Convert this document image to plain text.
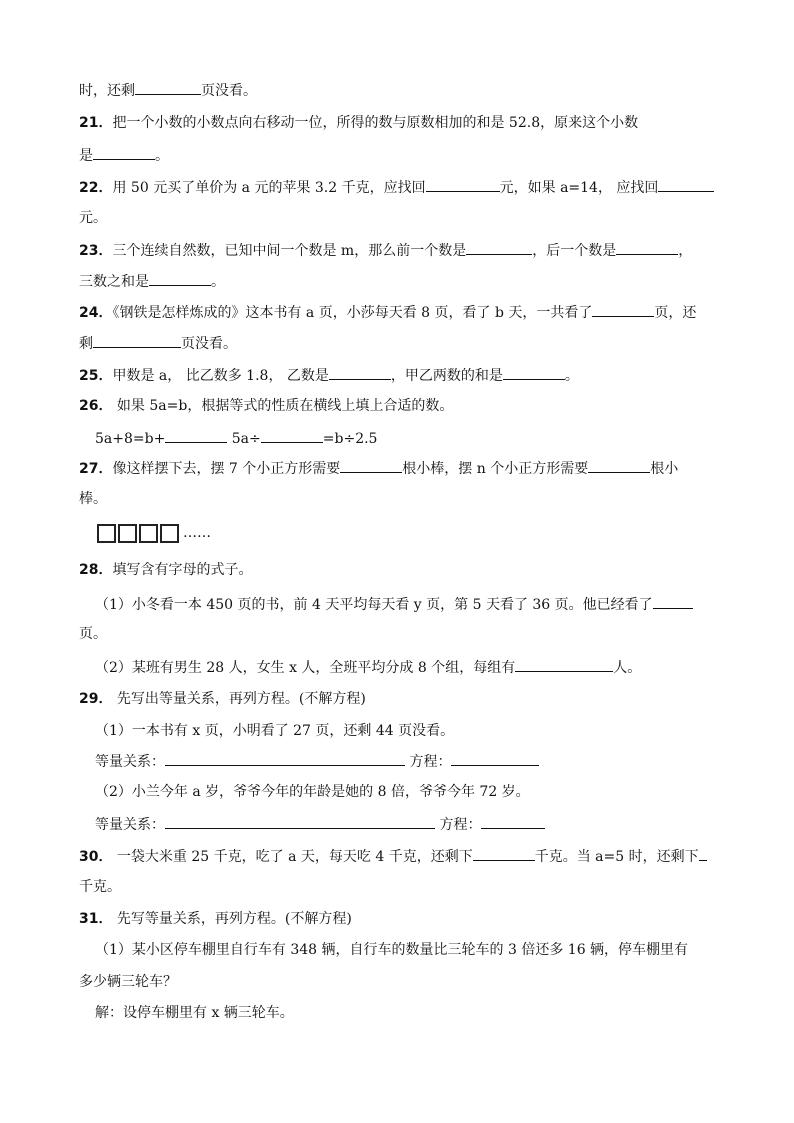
时，还剩	页没看。
21．把一个小数的小数点向右移动一位，所得的数与原数相加的和是 52.8，原来这个小数
是	。
22．用 50 元买了单价为 a 元的苹果 3.2 千克，应找回	元，如果 a=14， 应找回
元。
23．三个连续自然数，已知中间一个数是 m，那么前一个数是	，后一个数是	，
三数之和是	。
24．《钢铁是怎样炼成的》这本书有 a 页，小莎每天看 8 页，看了 b 天，一共看了	页，还
剩	页没看。
25．甲数是 a， 比乙数多 1.8， 乙数是	，甲乙两数的和是	。
26． 如果 5a=b，根据等式的性质在横线上填上合适的数。
5a+8=b+	5a÷	=b÷2.5
27．像这样摆下去，摆 7 个小正方形需要	根小棒，摆 n 个小正方形需要	根小
棒。
28．填写含有字母的式子。
（1）小冬看一本 450 页的书，前 4 天平均每天看 y 页，第 5 天看了 36 页。他已经看了
页。
（2）某班有男生 28 人，女生 x 人，全班平均分成 8 个组，每组有	人。
29． 先写出等量关系，再列方程。(不解方程)
（1）一本书有 x 页，小明看了 27 页，还剩 44 页没看。
等量关系：	方程：
（2）小兰今年 a 岁，爷爷今年的年龄是她的 8 倍，爷爷今年 72 岁。
等量关系：	方程：
30． 一袋大米重 25 千克，吃了 a 天，每天吃 4 千克，还剩下	千克。当 a=5 时，还剩下
千克。
31． 先写等量关系，再列方程。(不解方程)
（1）某小区停车棚里自行车有 348 辆，自行车的数量比三轮车的 3 倍还多 16 辆，停车棚里有
多少辆三轮车？
解：设停车棚里有 x 辆三轮车。
……
